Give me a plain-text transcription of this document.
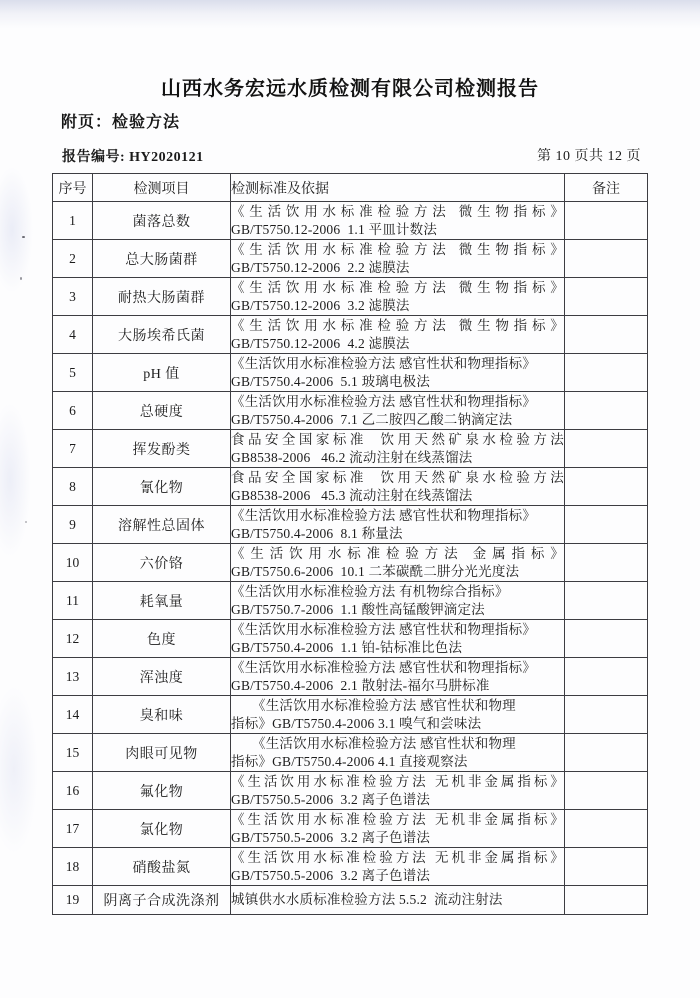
山西水务宏远水质检测有限公司检测报告
附页：检验方法
报告编号: HY2020121	第 10 页共 12 页
序号	检测项目	检测标准及依据	备注
1	菌落总数	《生活饮用水标准检验方法 微生物指标》
GB/T5750.12-2006  1.1 平皿计数法	

2	总大肠菌群	《生活饮用水标准检验方法 微生物指标》
GB/T5750.12-2006  2.2 滤膜法	

3	耐热大肠菌群	《生活饮用水标准检验方法 微生物指标》
GB/T5750.12-2006  3.2 滤膜法	

4	大肠埃希氏菌	《生活饮用水标准检验方法 微生物指标》
GB/T5750.12-2006  4.2 滤膜法	

5	pH 值	《生活饮用水标准检验方法 感官性状和物理指标》
GB/T5750.4-2006  5.1 玻璃电极法	

6	总硬度	《生活饮用水标准检验方法 感官性状和物理指标》
GB/T5750.4-2006  7.1 乙二胺四乙酸二钠滴定法	

7	挥发酚类	食品安全国家标准  饮用天然矿泉水检验方法
GB8538-2006   46.2 流动注射在线蒸馏法	

8	氰化物	食品安全国家标准  饮用天然矿泉水检验方法
GB8538-2006   45.3 流动注射在线蒸馏法	

9	溶解性总固体	《生活饮用水标准检验方法 感官性状和物理指标》
GB/T5750.4-2006  8.1 称量法	

10	六价铬	《生活饮用水标准检验方法 金属指标》
GB/T5750.6-2006  10.1 二苯碳酰二肼分光光度法	

11	耗氧量	《生活饮用水标准检验方法 有机物综合指标》
GB/T5750.7-2006  1.1 酸性高锰酸钾滴定法	

12	色度	《生活饮用水标准检验方法 感官性状和物理指标》
GB/T5750.4-2006  1.1 铂-钴标准比色法	

13	浑浊度	《生活饮用水标准检验方法 感官性状和物理指标》
GB/T5750.4-2006  2.1 散射法-福尔马肼标准	

14	臭和味	《生活饮用水标准检验方法 感官性状和物理
指标》GB/T5750.4-2006 3.1 嗅气和尝味法	

15	肉眼可见物	《生活饮用水标准检验方法 感官性状和物理
指标》GB/T5750.4-2006 4.1 直接观察法	

16	氟化物	《生活饮用水标准检验方法 无机非金属指标》
GB/T5750.5-2006  3.2 离子色谱法	

17	氯化物	《生活饮用水标准检验方法 无机非金属指标》
GB/T5750.5-2006  3.2 离子色谱法	

18	硝酸盐氮	《生活饮用水标准检验方法 无机非金属指标》
GB/T5750.5-2006  3.2 离子色谱法	

19	阴离子合成洗涤剂	城镇供水水质标准检验方法 5.5.2  流动注射法	
